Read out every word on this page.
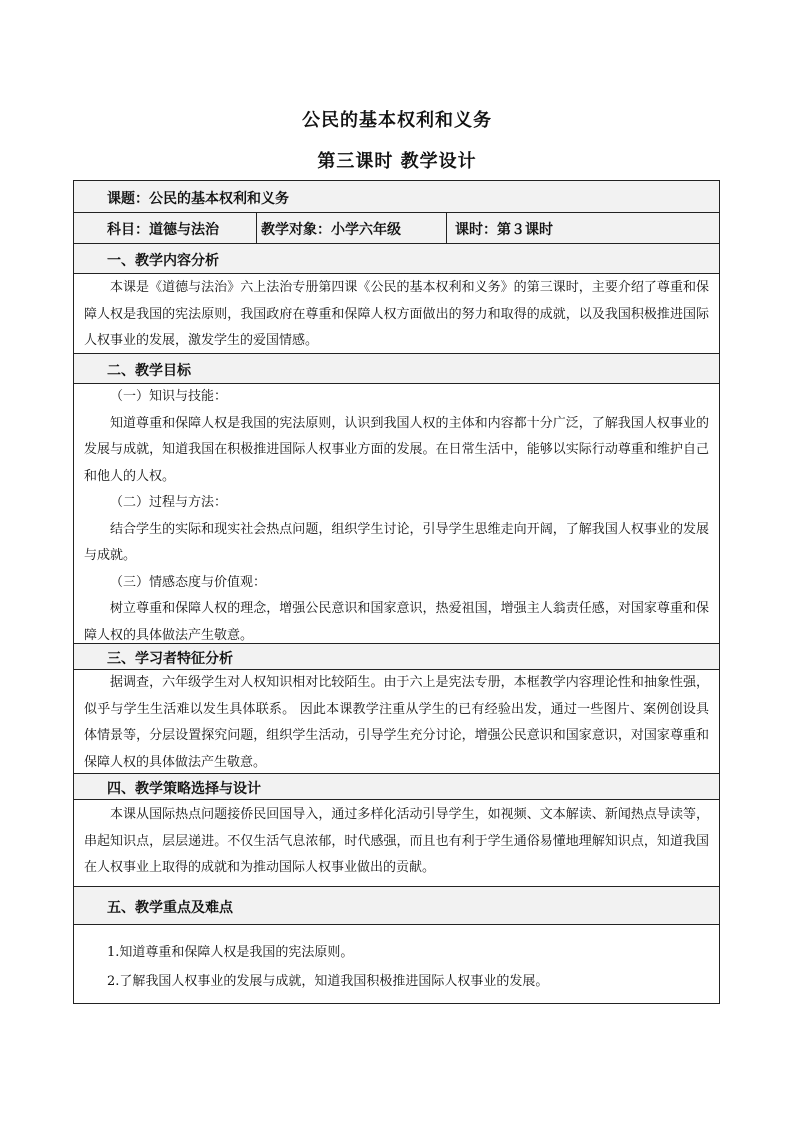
公民的基本权利和义务
第三课时 教学设计
课题：公民的基本权利和义务
科目：道德与法治	教学对象：小学六年级	课时：第３课时
一、教学内容分析

本课是《道德与法治》六上法治专册第四课《公民的基本权利和义务》的第三课时，主要介绍了尊重和保障人权是我国的宪法原则，我国政府在尊重和保障人权方面做出的努力和取得的成就，以及我国积极推进国际人权事业的发展，激发学生的爱国情感。

二、教学目标

（一）知识与技能：

知道尊重和保障人权是我国的宪法原则，认识到我国人权的主体和内容都十分广泛，了解我国人权事业的发展与成就，知道我国在积极推进国际人权事业方面的发展。在日常生活中，能够以实际行动尊重和维护自己和他人的人权。

（二）过程与方法：

结合学生的实际和现实社会热点问题，组织学生讨论，引导学生思维走向开阔，了解我国人权事业的发展与成就。

（三）情感态度与价值观：

树立尊重和保障人权的理念，增强公民意识和国家意识，热爱祖国，增强主人翁责任感，对国家尊重和保障人权的具体做法产生敬意。

三、学习者特征分析

据调查，六年级学生对人权知识相对比较陌生。由于六上是宪法专册，本框教学内容理论性和抽象性强，似乎与学生生活难以发生具体联系。 因此本课教学注重从学生的已有经验出发，通过一些图片、案例创设具体情景等，分层设置探究问题，组织学生活动，引导学生充分讨论，增强公民意识和国家意识，对国家尊重和保障人权的具体做法产生敬意。

四、教学策略选择与设计

本课从国际热点问题接侨民回国导入，通过多样化活动引导学生，如视频、文本解读、新闻热点导读等，串起知识点，层层递进。不仅生活气息浓郁，时代感强，而且也有利于学生通俗易懂地理解知识点，知道我国在人权事业上取得的成就和为推动国际人权事业做出的贡献。

五、教学重点及难点
1.知道尊重和保障人权是我国的宪法原则。
2.了解我国人权事业的发展与成就，知道我国积极推进国际人权事业的发展。
